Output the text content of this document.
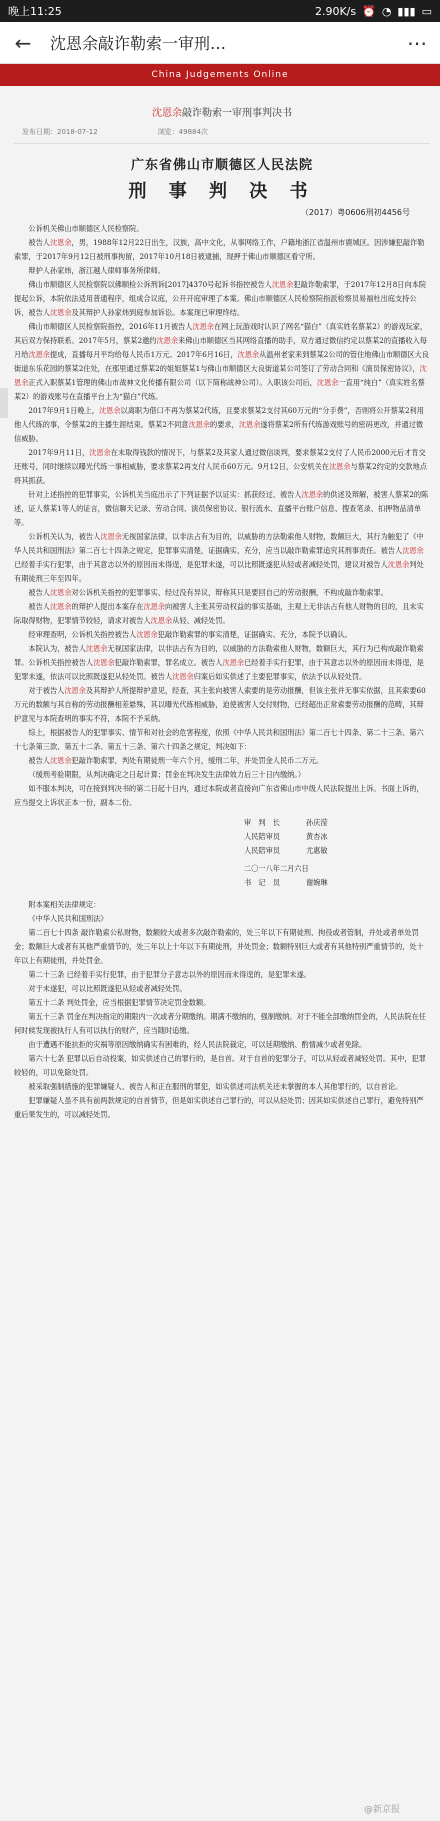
晚上11:25	2.90K/s ⏰ ◔ ▮▮▮ ▭
← 沈恩余敲诈勒索一审刑…	⋯
China Judgements Online
沈恩余敲诈勒索一审刑事判决书
发布日期：2018-07-12	浏览：49884次
广东省佛山市顺德区人民法院
刑 事 判 决 书
（2017）粤0606刑初4456号

公诉机关佛山市顺德区人民检察院。

被告人沈恩余，男，1988年12月22日出生，汉族，高中文化，从事网络工作，户籍地浙江省温州市鹿城区。因涉嫌犯敲诈勒索罪，于2017年9月12日被刑事拘留，2017年10月18日被逮捕，现押于佛山市顺德区看守所。

辩护人孙家炜，浙江越人律师事务所律师。

佛山市顺德区人民检察院以佛顺检公诉刑诉[2017]4370号起诉书指控被告人沈恩余犯敲诈勒索罪，于2017年12月8日向本院提起公诉，本院依法适用普通程序，组成合议庭，公开开庭审理了本案。佛山市顺德区人民检察院指派检察员易福杜出庭支持公诉，被告人沈恩余及其辩护人孙家炜到庭参加诉讼。本案现已审理终结。

佛山市顺德区人民检察院指控，2016年11月被告人沈恩余在网上玩游戏时认识了网名“猫白”（真实姓名蔡某2）的游戏玩家，其后双方保持联系。2017年5月，蔡某2邀约沈恩余来佛山市顺德区当其网络直播的助手，双方通过微信约定以蔡某2的直播收入每月给沈恩余提成，直播每月平均给每人民币1万元。2017年6月16日，沈恩余从温州老家来到蔡某2公司的管住地佛山市顺德区大良街道东乐花园的蔡某2住处，在那里通过蔡某2的姐姐蔡某1与佛山市顺德区大良街道某公司签订了劳动合同和《演员保密协议》，沈恩余正式入职蔡某1管理的佛山市战神文化传播有限公司（以下简称战神公司）。入职该公司后，沈恩余一直用“纯白”（真实姓名蔡某2）的游戏账号在直播平台上为“猫白”代练。

2017年9月1日晚上，沈恩余以离职为借口不再为蔡某2代练，且要求蔡某2支付其60万元的“分手费”，否则将公开蔡某2利用他人代练的事，令蔡某2的主播生涯结束。蔡某2不同意沈恩余的要求，沈恩余遂将蔡某2所有代练游戏账号的密码更改，并通过微信威胁。

2017年9月11日，沈恩余在未取得钱款的情况下，与蔡某2及其家人通过微信谈判，要求蔡某2支付了人民币2000元后才肯交还账号，同时继续以曝光代练一事相威胁，要求蔡某2再支付人民币60万元。9月12日，公安机关在沈恩余与蔡某2约定的交款地点将其抓获。

针对上述指控的犯罪事实，公诉机关当庭出示了下列证据予以证实：抓获经过、被告人沈恩余的供述及辩解，被害人蔡某2的陈述，证人蔡某1等人的证言，微信聊天记录、劳动合同、演员保密协议、银行流水、直播平台账户信息、搜查笔录、扣押物品清单等。

公诉机关认为，被告人沈恩余无视国家法律，以非法占有为目的，以威胁的方法勒索他人财物，数额巨大，其行为触犯了《中华人民共和国刑法》第二百七十四条之规定，犯罪事实清楚，证据确实、充分，应当以敲诈勒索罪追究其刑事责任。被告人沈恩余已经着手实行犯罪，由于其意志以外的原因而未得逞，是犯罪未遂，可以比照既遂犯从轻或者减轻处罚，建议对被告人沈恩余判处有期徒刑三年至四年。

被告人沈恩余对公诉机关指控的犯罪事实、经过没有异议，辩称其只是要回自己的劳动报酬，不构成敲诈勒索罪。

被告人沈恩余的辩护人提出本案存在沈恩余向被害人主张其劳动权益的事实基础，主观上无非法占有他人财物的目的，且未实际取得财物，犯罪情节较轻，请求对被告人沈恩余从轻、减轻处罚。

经审理查明，公诉机关指控被告人沈恩余犯敲诈勒索罪的事实清楚，证据确实、充分，本院予以确认。

本院认为，被告人沈恩余无视国家法律，以非法占有为目的，以威胁的方法勒索他人财物，数额巨大，其行为已构成敲诈勒索罪。公诉机关指控被告人沈恩余犯敲诈勒索罪，罪名成立。被告人沈恩余已经着手实行犯罪，由于其意志以外的原因而未得逞，是犯罪未遂，依法可以比照既遂犯从轻处罚。被告人沈恩余归案后如实供述了主要犯罪事实，依法予以从轻处罚。

对于被告人沈恩余及其辩护人所提辩护意见，经查，其主张向被害人索要的是劳动报酬，但该主张并无事实依据，且其索要60万元的数额与其自称的劳动报酬相差悬殊，其以曝光代练相威胁，迫使被害人交付财物，已经超出正常索要劳动报酬的范畴，其辩护意见与本院查明的事实不符，本院不予采纳。

综上，根据被告人的犯罪事实、情节和对社会的危害程度，依照《中华人民共和国刑法》第二百七十四条、第二十三条、第六十七条第三款、第五十二条、第五十三条、第六十四条之规定，判决如下：

被告人沈恩余犯敲诈勒索罪，判处有期徒刑一年六个月，缓刑二年，并处罚金人民币二万元。

（缓刑考验期限，从判决确定之日起计算；罚金在判决发生法律效力后三十日内缴纳。）

如不服本判决，可在接到判决书的第二日起十日内，通过本院或者直接向广东省佛山市中级人民法院提出上诉。书面上诉的，应当提交上诉状正本一份，副本二份。

审　判　长	孙庆滢
人民陪审员	黄杏冰
人民陪审员	尤惠敏
二〇一八年二月六日
书　记　员	谢婉琳

附本案相关法律规定：

《中华人民共和国刑法》

第二百七十四条 敲诈勒索公私财物，数额较大或者多次敲诈勒索的，处三年以下有期徒刑、拘役或者管制，并处或者单处罚金；数额巨大或者有其他严重情节的，处三年以上十年以下有期徒刑，并处罚金；数额特别巨大或者有其他特别严重情节的，处十年以上有期徒刑，并处罚金。

第二十三条 已经着手实行犯罪，由于犯罪分子意志以外的原因而未得逞的，是犯罪未遂。

对于未遂犯，可以比照既遂犯从轻或者减轻处罚。

第五十二条 判处罚金，应当根据犯罪情节决定罚金数额。

第五十三条 罚金在判决指定的期限内一次或者分期缴纳。期满不缴纳的，强制缴纳。对于不能全部缴纳罚金的，人民法院在任何时候发现被执行人有可以执行的财产，应当随时追缴。

由于遭遇不能抗拒的灾祸等原因缴纳确实有困难的，经人民法院裁定，可以延期缴纳、酌情减少或者免除。

第六十七条 犯罪以后自动投案，如实供述自己的罪行的，是自首。对于自首的犯罪分子，可以从轻或者减轻处罚。其中，犯罪较轻的，可以免除处罚。

被采取强制措施的犯罪嫌疑人、被告人和正在服刑的罪犯，如实供述司法机关还未掌握的本人其他罪行的，以自首论。

犯罪嫌疑人虽不具有前两款规定的自首情节，但是如实供述自己罪行的，可以从轻处罚；因其如实供述自己罪行，避免特别严重后果发生的，可以减轻处罚。

@新京报
